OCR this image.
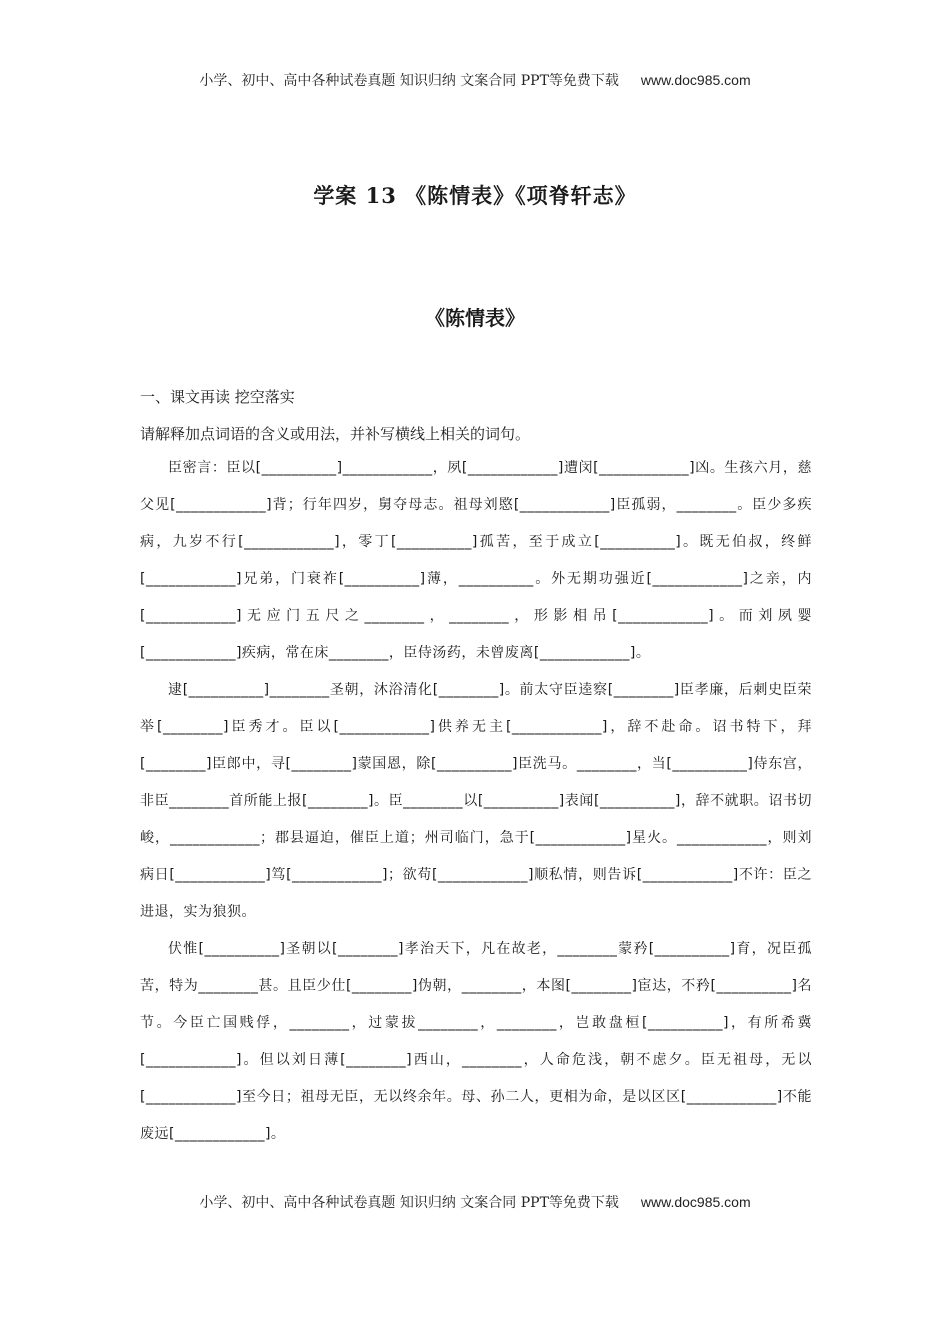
小学、初中、高中各种试卷真题 知识归纳 文案合同 PPT等免费下载 www.doc985.com
学案 13 《陈情表》《项脊轩志》
《陈情表》
一、课文再读 挖空落实
请解释加点词语的含义或用法，并补写横线上相关的词句。

臣密言：臣以[__________]____________，夙[____________]遭闵[____________]凶。生孩六月，慈父见[____________]背；行年四岁，舅夺母志。祖母刘愍[____________]臣孤弱，________。臣少多疾病，九岁不行[____________]，零丁[__________]孤苦，至于成立[__________]。既无伯叔，终鲜[____________]兄弟，门衰祚[__________]薄，__________。外无期功强近[____________]之亲，内[____________]无应门五尺之________，________，形影相吊[____________]。而刘夙婴[____________]疾病，常在床________，臣侍汤药，未曾废离[____________]。

逮[__________]________圣朝，沐浴清化[________]。前太守臣逵察[________]臣孝廉，后刺史臣荣举[________]臣秀才。臣以[____________]供养无主[____________]，辞不赴命。诏书特下，拜[________]臣郎中，寻[________]蒙国恩，除[__________]臣洗马。________，当[__________]侍东宫，非臣________首所能上报[________]。臣________以[__________]表闻[__________]，辞不就职。诏书切峻，____________；郡县逼迫，催臣上道；州司临门，急于[____________]星火。____________，则刘病日[____________]笃[____________]；欲苟[____________]顺私情，则告诉[____________]不许：臣之进退，实为狼狈。

伏惟[__________]圣朝以[________]孝治天下，凡在故老，________蒙矜[__________]育，况臣孤苦，特为________甚。且臣少仕[________]伪朝，________，本图[________]宦达，不矜[__________]名节。今臣亡国贱俘，________，过蒙拔________，________，岂敢盘桓[__________]，有所希冀[____________]。但以刘日薄[________]西山，________，人命危浅，朝不虑夕。臣无祖母，无以[____________]至今日；祖母无臣，无以终余年。母、孙二人，更相为命，是以区区[____________]不能废远[____________]。

小学、初中、高中各种试卷真题 知识归纳 文案合同 PPT等免费下载 www.doc985.com
